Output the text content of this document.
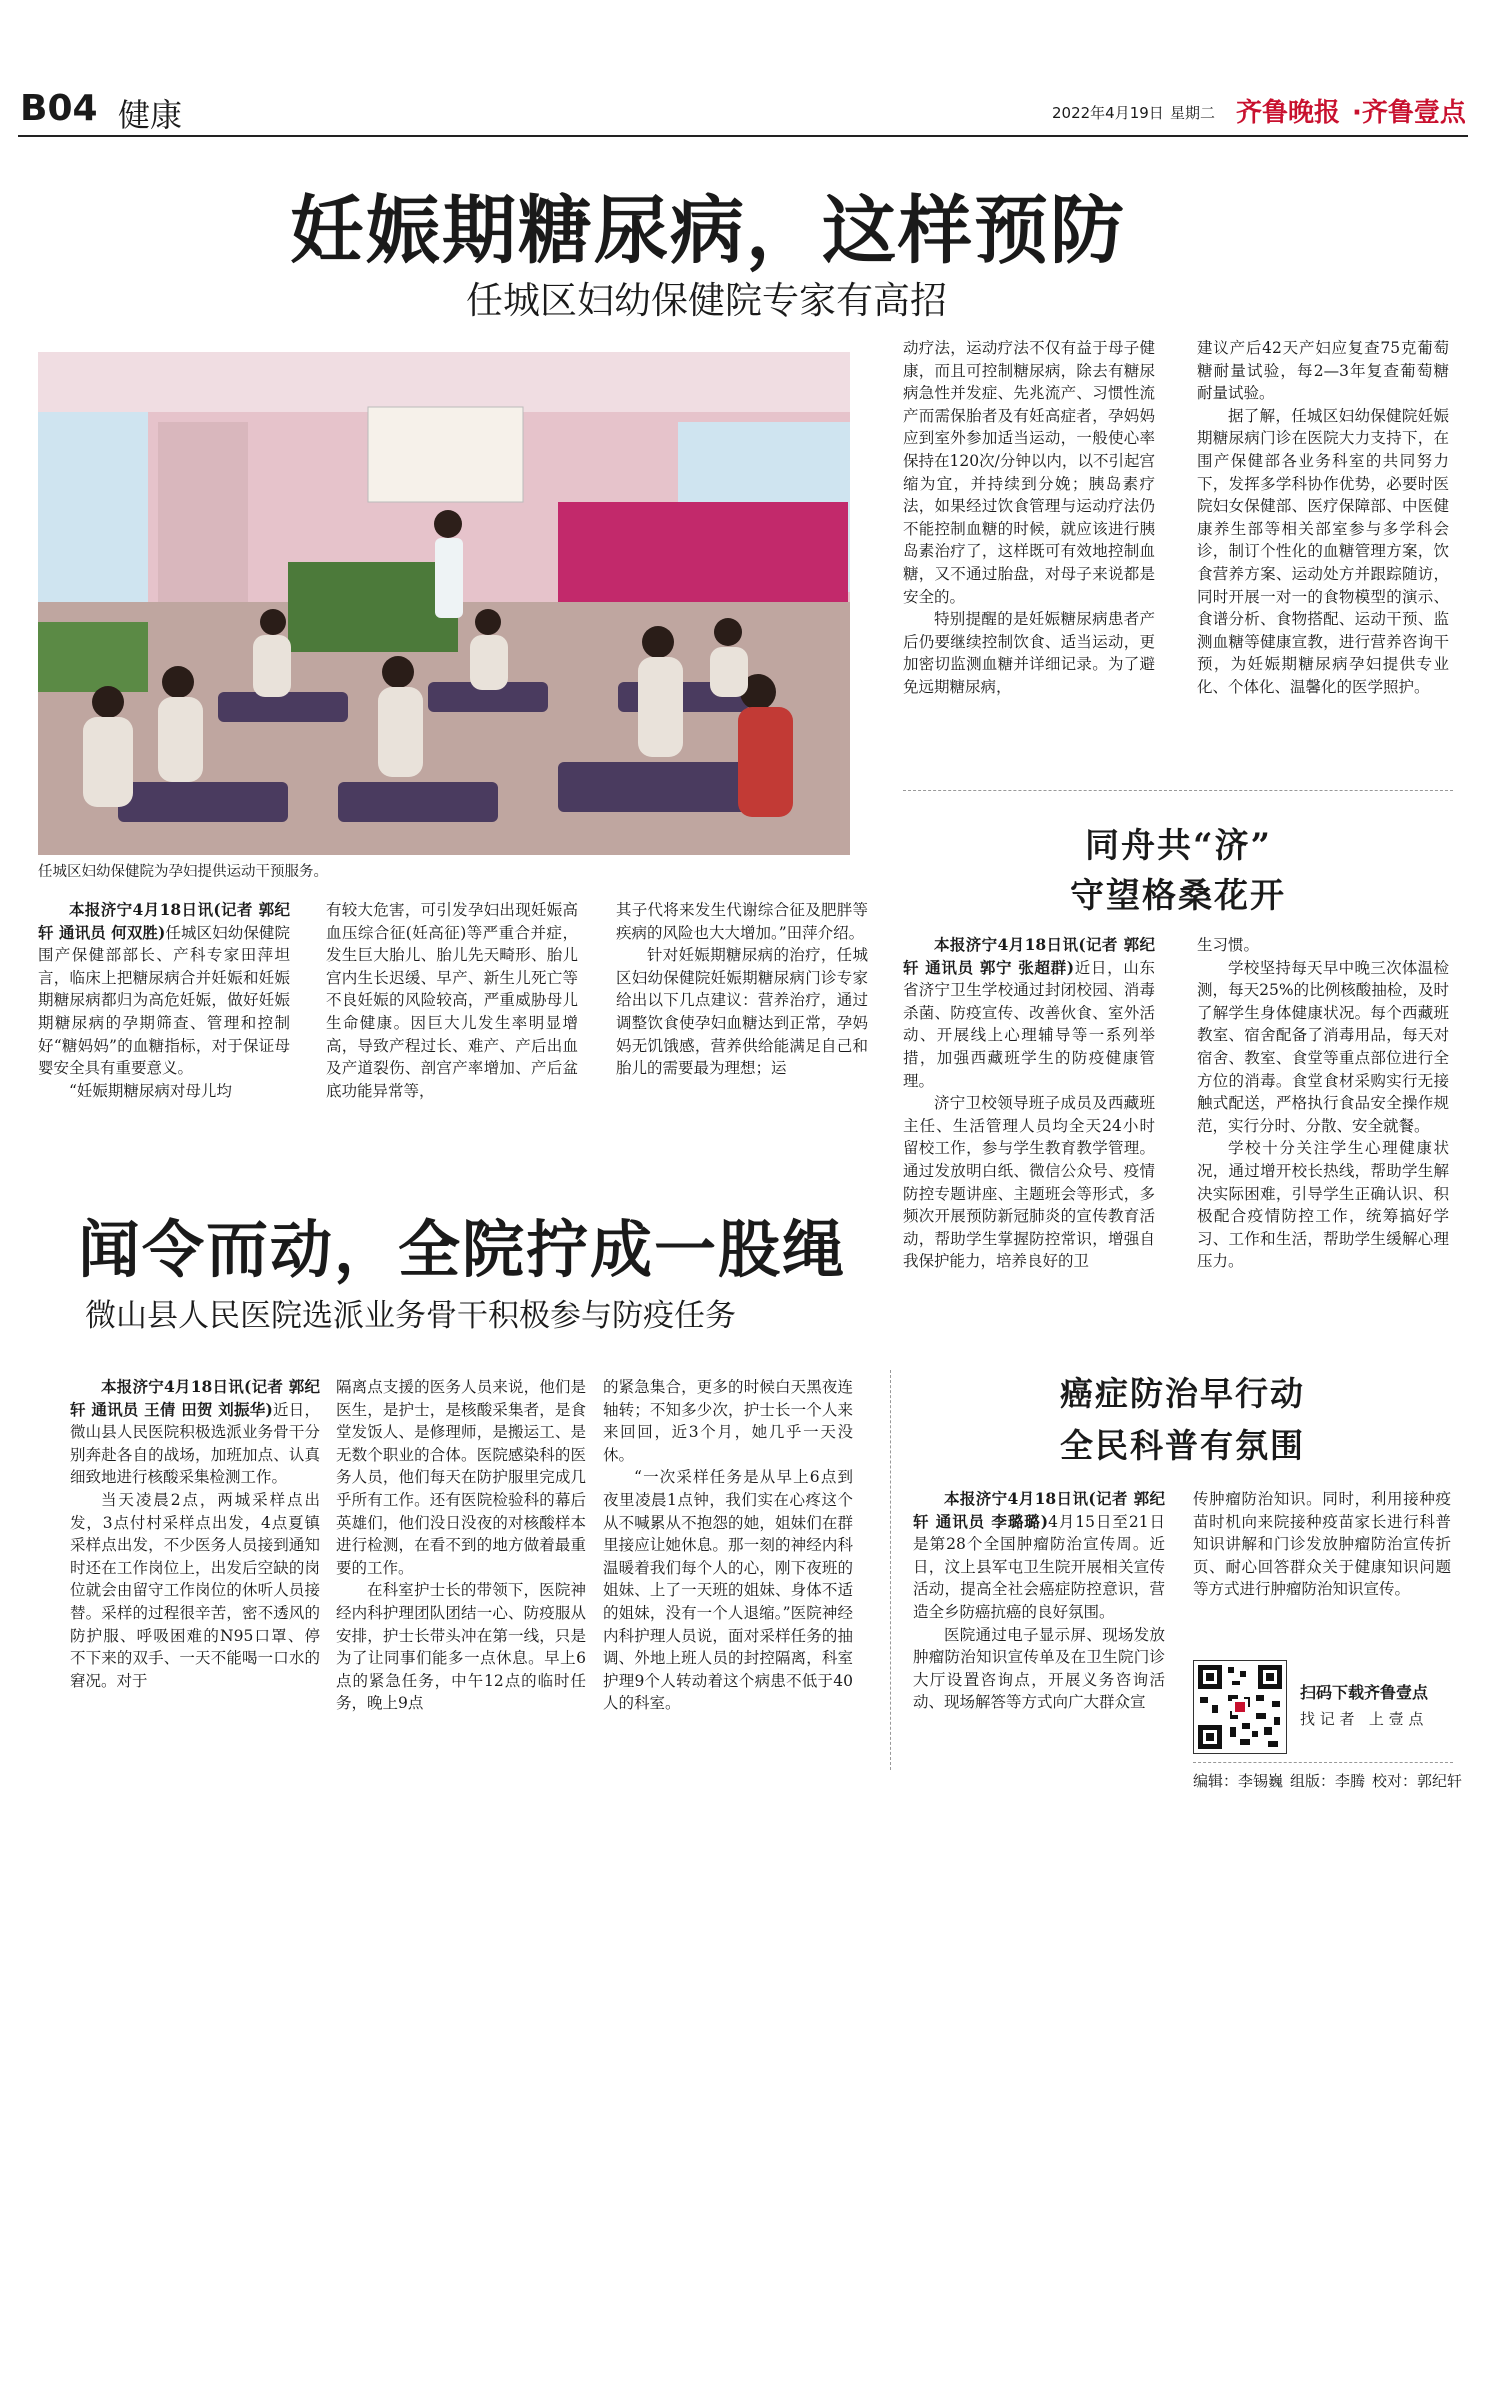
B04 健康	2022年4月19日 星期二 齐鲁晚报 ·齐鲁壹点
妊娠期糖尿病，这样预防
任城区妇幼保健院专家有高招
任城区妇幼保健院为孕妇提供运动干预服务。

本报济宁4月18日讯(记者 郭纪轩 通讯员 何双胜)任城区妇幼保健院围产保健部部长、产科专家田萍坦言，临床上把糖尿病合并妊娠和妊娠期糖尿病都归为高危妊娠，做好妊娠期糖尿病的孕期筛查、管理和控制好“糖妈妈”的血糖指标，对于保证母婴安全具有重要意义。

“妊娠期糖尿病对母儿均

有较大危害，可引发孕妇出现妊娠高血压综合征(妊高征)等严重合并症，发生巨大胎儿、胎儿先天畸形、胎儿宫内生长迟缓、早产、新生儿死亡等不良妊娠的风险较高，严重威胁母儿生命健康。因巨大儿发生率明显增高，导致产程过长、难产、产后出血及产道裂伤、剖宫产率增加、产后盆底功能异常等，

其子代将来发生代谢综合征及肥胖等疾病的风险也大大增加。”田萍介绍。

针对妊娠期糖尿病的治疗，任城区妇幼保健院妊娠期糖尿病门诊专家给出以下几点建议：营养治疗，通过调整饮食使孕妇血糖达到正常，孕妈妈无饥饿感，营养供给能满足自己和胎儿的需要最为理想；运

动疗法，运动疗法不仅有益于母子健康，而且可控制糖尿病，除去有糖尿病急性并发症、先兆流产、习惯性流产而需保胎者及有妊高症者，孕妈妈应到室外参加适当运动，一般使心率保持在120次/分钟以内，以不引起宫缩为宜，并持续到分娩；胰岛素疗法，如果经过饮食管理与运动疗法仍不能控制血糖的时候，就应该进行胰岛素治疗了，这样既可有效地控制血糖，又不通过胎盘，对母子来说都是安全的。

特别提醒的是妊娠糖尿病患者产后仍要继续控制饮食、适当运动，更加密切监测血糖并详细记录。为了避免远期糖尿病，

建议产后42天产妇应复查75克葡萄糖耐量试验，每2—3年复查葡萄糖耐量试验。

据了解，任城区妇幼保健院妊娠期糖尿病门诊在医院大力支持下，在围产保健部各业务科室的共同努力下，发挥多学科协作优势，必要时医院妇女保健部、医疗保障部、中医健康养生部等相关部室参与多学科会诊，制订个性化的血糖管理方案，饮食营养方案、运动处方并跟踪随访，同时开展一对一的食物模型的演示、食谱分析、食物搭配、运动干预、监测血糖等健康宣教，进行营养咨询干预，为妊娠期糖尿病孕妇提供专业化、个体化、温馨化的医学照护。

同舟共“济”
守望格桑花开

本报济宁4月18日讯(记者 郭纪轩 通讯员 郭宁 张超群)近日，山东省济宁卫生学校通过封闭校园、消毒杀菌、防疫宣传、改善伙食、室外活动、开展线上心理辅导等一系列举措，加强西藏班学生的防疫健康管理。

济宁卫校领导班子成员及西藏班主任、生活管理人员均全天24小时留校工作，参与学生教育教学管理。通过发放明白纸、微信公众号、疫情防控专题讲座、主题班会等形式，多频次开展预防新冠肺炎的宣传教育活动，帮助学生掌握防控常识，增强自我保护能力，培养良好的卫

生习惯。

学校坚持每天早中晚三次体温检测，每天25%的比例核酸抽检，及时了解学生身体健康状况。每个西藏班教室、宿舍配备了消毒用品，每天对宿舍、教室、食堂等重点部位进行全方位的消毒。食堂食材采购实行无接触式配送，严格执行食品安全操作规范，实行分时、分散、安全就餐。

学校十分关注学生心理健康状况，通过增开校长热线，帮助学生解决实际困难，引导学生正确认识、积极配合疫情防控工作，统筹搞好学习、工作和生活，帮助学生缓解心理压力。

闻令而动，全院拧成一股绳
微山县人民医院选派业务骨干积极参与防疫任务

本报济宁4月18日讯(记者 郭纪轩 通讯员 王倩 田贺 刘振华)近日，微山县人民医院积极选派业务骨干分别奔赴各自的战场，加班加点、认真细致地进行核酸采集检测工作。

当天凌晨2点，两城采样点出发，3点付村采样点出发，4点夏镇采样点出发，不少医务人员接到通知时还在工作岗位上，出发后空缺的岗位就会由留守工作岗位的休听人员接替。采样的过程很辛苦，密不透风的防护服、呼吸困难的N95口罩、停不下来的双手、一天不能喝一口水的窘况。对于

隔离点支援的医务人员来说，他们是医生，是护士，是核酸采集者，是食堂发饭人、是修理师，是搬运工、是无数个职业的合体。医院感染科的医务人员，他们每天在防护服里完成几乎所有工作。还有医院检验科的幕后英雄们，他们没日没夜的对核酸样本进行检测，在看不到的地方做着最重要的工作。

在科室护士长的带领下，医院神经内科护理团队团结一心、防疫服从安排，护士长带头冲在第一线，只是为了让同事们能多一点休息。早上6点的紧急任务，中午12点的临时任务，晚上9点

的紧急集合，更多的时候白天黑夜连轴转；不知多少次，护士长一个人来来回回，近3个月，她几乎一天没休。

“一次采样任务是从早上6点到夜里凌晨1点钟，我们实在心疼这个从不喊累从不抱怨的她，姐妹们在群里接应让她休息。那一刻的神经内科温暖着我们每个人的心，刚下夜班的姐妹、上了一天班的姐妹、身体不适的姐妹，没有一个人退缩。”医院神经内科护理人员说，面对采样任务的抽调、外地上班人员的封控隔离，科室护理9个人转动着这个病患不低于40人的科室。

癌症防治早行动
全民科普有氛围

本报济宁4月18日讯(记者 郭纪轩 通讯员 李璐璐)4月15日至21日是第28个全国肿瘤防治宣传周。近日，汶上县军屯卫生院开展相关宣传活动，提高全社会癌症防控意识，营造全乡防癌抗癌的良好氛围。

医院通过电子显示屏、现场发放肿瘤防治知识宣传单及在卫生院门诊大厅设置咨询点，开展义务咨询活动、现场解答等方式向广大群众宣

传肿瘤防治知识。同时，利用接种疫苗时机向来院接种疫苗家长进行科普知识讲解和门诊发放肿瘤防治宣传折页、耐心回答群众关于健康知识问题等方式进行肿瘤防治知识宣传。

扫码下载齐鲁壹点
找 记 者   上 壹 点
编辑：李锡巍 组版：李腾 校对：郭纪轩
